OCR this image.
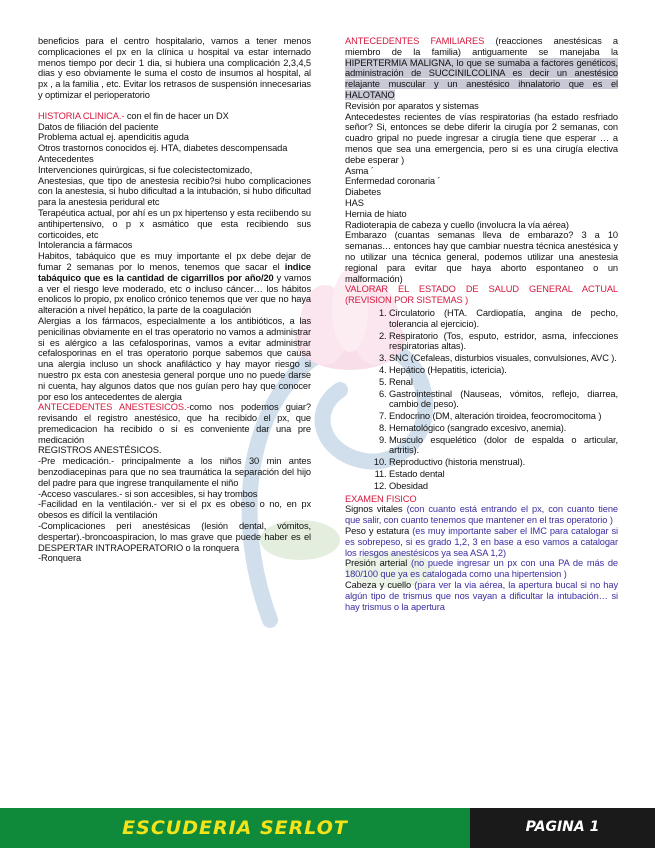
beneficios para el centro hospitalario, vamos a tener menos complicaciones el px en la clínica u hospital va estar internado menos tiempo por decir 1 dia, si hubiera una complicación 2,3,4,5 dias y eso obviamente le suma el costo de insumos al hospital, al px , a la familia , etc. Evitar los retrasos de suspensión innecesarias y optimizar el perioperatorio

HISTORIA CLINICA.- con el fin de hacer un DX

Datos de filiación del paciente

Problema actual ej. apendicitis aguda

Otros trastornos conocidos ej. HTA, diabetes descompensada

Antecedentes

Intervenciones quirúrgicas, si fue colecistectomizado,

Anestesias, que tipo de anestesia recibio?si hubo complicaciones con la anestesia, si hubo dificultad a la intubación, si hubo dificultad para la anestesia peridural etc

Terapéutica actual, por ahí es un px hipertenso y esta reciibendo su antihipertensivo, o p x asmático que esta recibiendo sus corticoides, etc

Intolerancia a fármacos

Habitos, tabáquico que es muy importante el px debe dejar de fumar 2 semanas por lo menos, tenemos que sacar el indice tabáquico que es la cantidad de cigarrillos por año/20 y vamos a ver el riesgo leve moderado, etc o incluso cáncer… los hábitos enolicos lo propio, px enolico crónico tenemos que ver que no haya alteración a nivel hepático, la parte de la coagulación

Alergias a los fármacos, especialmente a los antibióticos, a las penicilinas obviamente en el tras operatorio no vamos a administrar si es alérgico a las cefalosporinas, vamos a evitar administrar cefalosporinas en el tras operatorio porque sabemos que causa una alergia incluso un shock anafiláctico y hay mayor riesgo si nuestro px esta con anestesia general porque uno no puede darse ni cuenta, hay algunos datos que nos guían pero hay que conocer por eso los antecedentes de alergia

ANTECEDENTES ANESTESICOS.-como nos podemos guiar? revisando el registro anestésico, que ha recibido el px, que premedicacion ha recibido o si es conveniente dar una pre medicación

REGISTROS ANESTÉSICOS.

-Pre medicación.- principalmente a los niños 30 min antes benzodiacepinas para que no sea traumática la separación del hijo del padre para que ingrese tranquilamente el niño

-Acceso vasculares.- si son accesibles, si hay trombos

-Facilidad en la ventilación.- ver si el px es obeso o no, en px obesos es difícil la ventilación

-Complicaciones peri anestésicas (lesión dental, vómitos, despertar).-broncoaspiracion, lo mas grave que puede haber es el DESPERTAR INTRAOPERATORIO o la ronquera

-Ronquera

ANTECEDENTES FAMILIARES (reacciones anestésicas a miembro de la familia) antiguamente se manejaba la HIPERTERMIA MALIGNA, lo que se sumaba a factores genéticos, administración de SUCCINILCOLINA es decir un anestésico relajante muscular y un anestésico ihnalatorio que es el HALOTANO

Revisión por aparatos y sistemas

Antecedestes recientes de vías respiratorias (ha estado resfriado señor? Si, entonces se debe diferir la cirugía por 2 semanas, con cuadro gripal no puede ingresar a cirugía tiene que esperar … a menos que sea una emergencia, pero si es una cirugía electiva debe esperar )

Asma ´

Enfermedad coronaria ´

Diabetes

HAS

Hernia de hiato

Radioterapia de cabeza y cuello (involucra la vía aérea)

Embarazo (cuantas semanas lleva de embarazo? 3 a 10 semanas… entonces hay que cambiar nuestra técnica anestésica y no utilizar una técnica general, podemos utilizar una anestesia regional para evitar que haya aborto espontaneo o un malformación)

VALORAR EL ESTADO DE SALUD GENERAL ACTUAL (REVISION POR SISTEMAS )

1. Circulatorio (HTA. Cardiopatía, angina de pecho, tolerancia al ejercicio).
2. Respiratorio (Tos, esputo, estridor, asma, infecciones respiratorias altas).
3. SNC (Cefaleas, disturbios visuales, convulsiones, AVC ).
4. Hepático (Hepatitis, ictericia).
5. Renal
6. Gastrointestinal (Nauseas, vómitos, reflejo, diarrea, cambio de peso).
7. Endocrino (DM, alteración tiroidea, feocromocitoma )
8. Hematológico (sangrado excesivo, anemia).
9. Musculo esquelético (dolor de espalda o articular, artritis).
10. Reproductivo (historia menstrual).
11. Estado dental
12. Obesidad

EXAMEN FISICO

Signos vitales (con cuanto está entrando el px, con cuanto tiene que salir, con cuanto tenemos que mantener en el tras operatorio )

Peso y estatura (es muy importante saber el IMC para catalogar si es sobrepeso, si es grado 1,2, 3 en base a eso vamos a catalogar los riesgos anestésicos ya sea ASA 1,2)

Presión arterial (no puede ingresar un px con una PA de más de 180/100 que ya es catalogada como una hipertension )

Cabeza y cuello (para ver la via aérea, la apertura bucal si no hay algún tipo de trismus que nos vayan a dificultar la intubación… si hay trismus o la apertura

ESCUDERIA SERLOT	PAGINA 1
